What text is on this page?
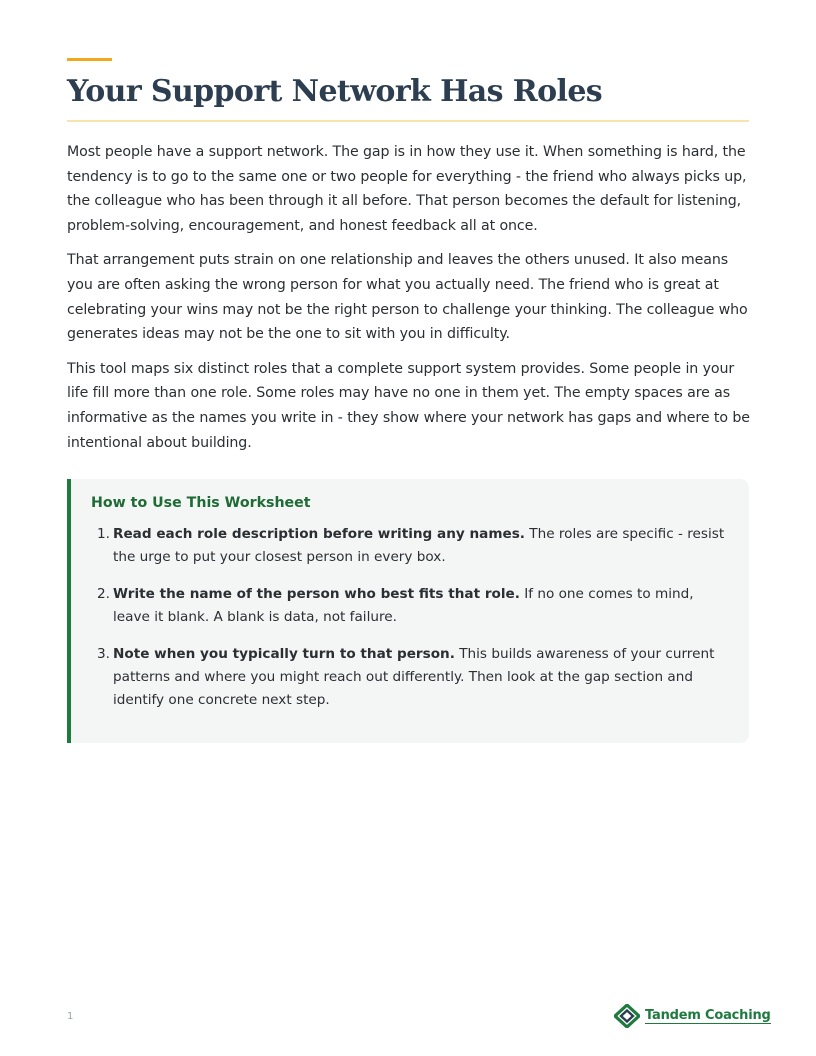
Your Support Network Has Roles

Most people have a support network. The gap is in how they use it. When something is hard, the tendency is to go to the same one or two people for everything - the friend who always picks up, the colleague who has been through it all before. That person becomes the default for listening, problem-solving, encouragement, and honest feedback all at once.

That arrangement puts strain on one relationship and leaves the others unused. It also means you are often asking the wrong person for what you actually need. The friend who is great at celebrating your wins may not be the right person to challenge your thinking. The colleague who generates ideas may not be the one to sit with you in difficulty.

This tool maps six distinct roles that a complete support system provides. Some people in your life fill more than one role. Some roles may have no one in them yet. The empty spaces are as informative as the names you write in - they show where your network has gaps and where to be intentional about building.

How to Use This Worksheet
1. Read each role description before writing any names. The roles are specific - resist the urge to put your closest person in every box.
2. Write the name of the person who best fits that role. If no one comes to mind, leave it blank. A blank is data, not failure.
3. Note when you typically turn to that person. This builds awareness of your current patterns and where you might reach out differently. Then look at the gap section and identify one concrete next step.
1	Tandem Coaching
